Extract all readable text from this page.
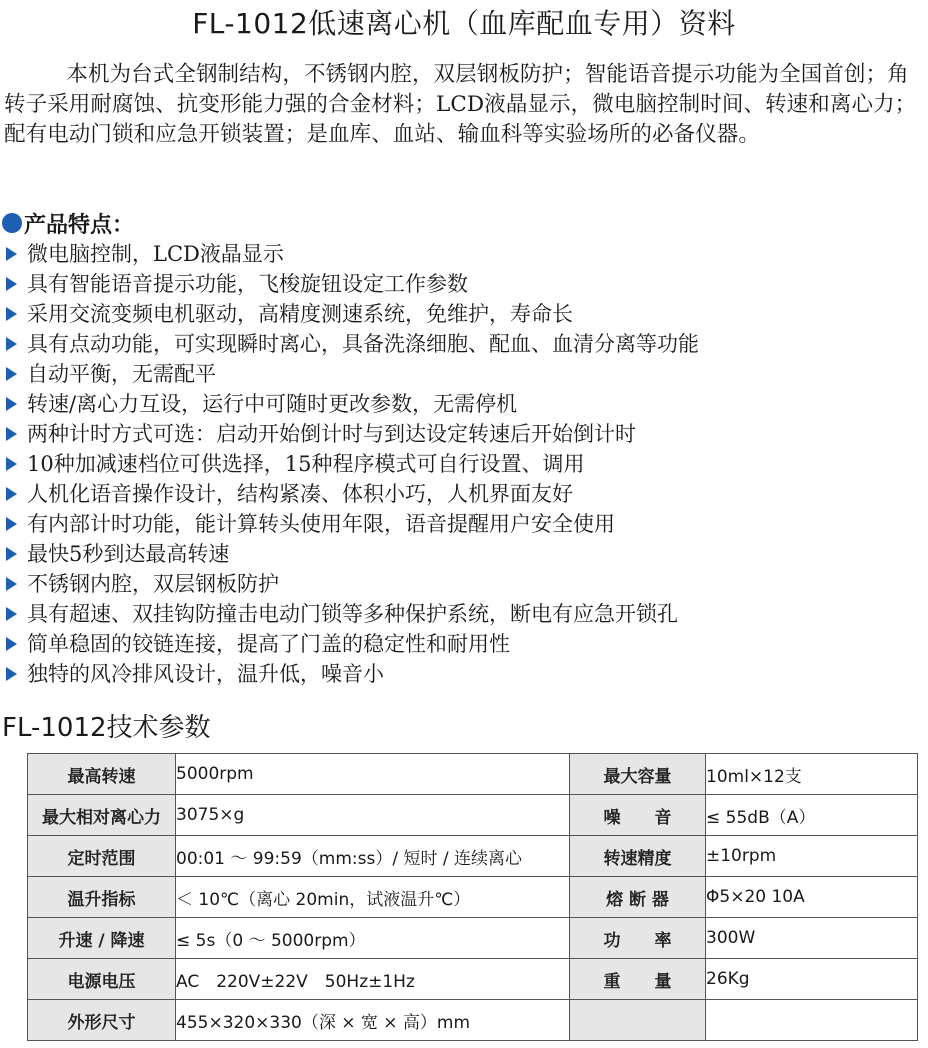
FL-1012低速离心机（血库配血专用）资料

本机为台式全钢制结构，不锈钢内腔，双层钢板防护；智能语音提示功能为全国首创；角转子采用耐腐蚀、抗变形能力强的合金材料；LCD液晶显示，微电脑控制时间、转速和离心力；配有电动门锁和应急开锁装置；是血库、血站、输血科等实验场所的必备仪器。

产品特点：
微电脑控制，LCD液晶显示
具有智能语音提示功能，飞梭旋钮设定工作参数
采用交流变频电机驱动，高精度测速系统，免维护，寿命长
具有点动功能，可实现瞬时离心，具备洗涤细胞、配血、血清分离等功能
自动平衡，无需配平
转速/离心力互设，运行中可随时更改参数，无需停机
两种计时方式可选：启动开始倒计时与到达设定转速后开始倒计时
10种加减速档位可供选择，15种程序模式可自行设置、调用
人机化语音操作设计，结构紧凑、体积小巧，人机界面友好
有内部计时功能，能计算转头使用年限，语音提醒用户安全使用
最快5秒到达最高转速
不锈钢内腔，双层钢板防护
具有超速、双挂钩防撞击电动门锁等多种保护系统，断电有应急开锁孔
简单稳固的铰链连接，提高了门盖的稳定性和耐用性
独特的风冷排风设计，温升低，噪音小
FL-1012技术参数
最高转速	5000rpm	最大容量	10ml×12支
最大相对离心力	3075×g	噪　　音	≤ 55dB（A）
定时范围	00:01 ～ 99:59（mm:ss）/ 短时 / 连续离心	转速精度	±10rpm
温升指标	＜ 10℃（离心 20min，试液温升℃）	熔 断 器	Φ5×20 10A
升速 / 降速	≤ 5s（0 ～ 5000rpm）	功　　率	300W
电源电压	AC　220V±22V　50Hz±1Hz	重　　量	26Kg
外形尺寸	455×320×330（深 × 宽 × 高）mm		
